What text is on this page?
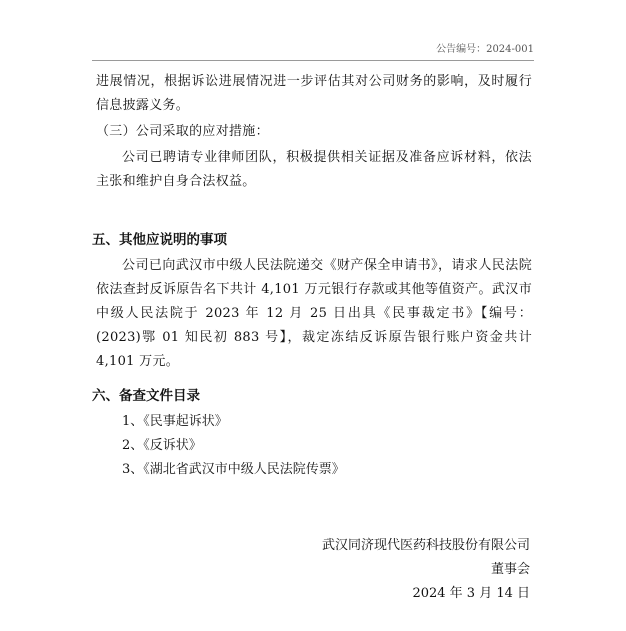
公告编号：2024-001
进展情况，根据诉讼进展情况进一步评估其对公司财务的影响，及时履行信息披露义务。
（三）公司采取的应对措施：
公司已聘请专业律师团队，积极提供相关证据及准备应诉材料，依法主张和维护自身合法权益。
五、其他应说明的事项
公司已向武汉市中级人民法院递交《财产保全申请书》，请求人民法院依法查封反诉原告名下共计 4,101 万元银行存款或其他等值资产。武汉市中级人民法院于 2023 年 12 月 25 日出具《民事裁定书》【编号：(2023)鄂 01 知民初 883 号】，裁定冻结反诉原告银行账户资金共计 4,101 万元。
六、备查文件目录
1、《民事起诉状》
2、《反诉状》
3、《湖北省武汉市中级人民法院传票》
武汉同济现代医药科技股份有限公司
董事会
2024 年 3 月 14 日
